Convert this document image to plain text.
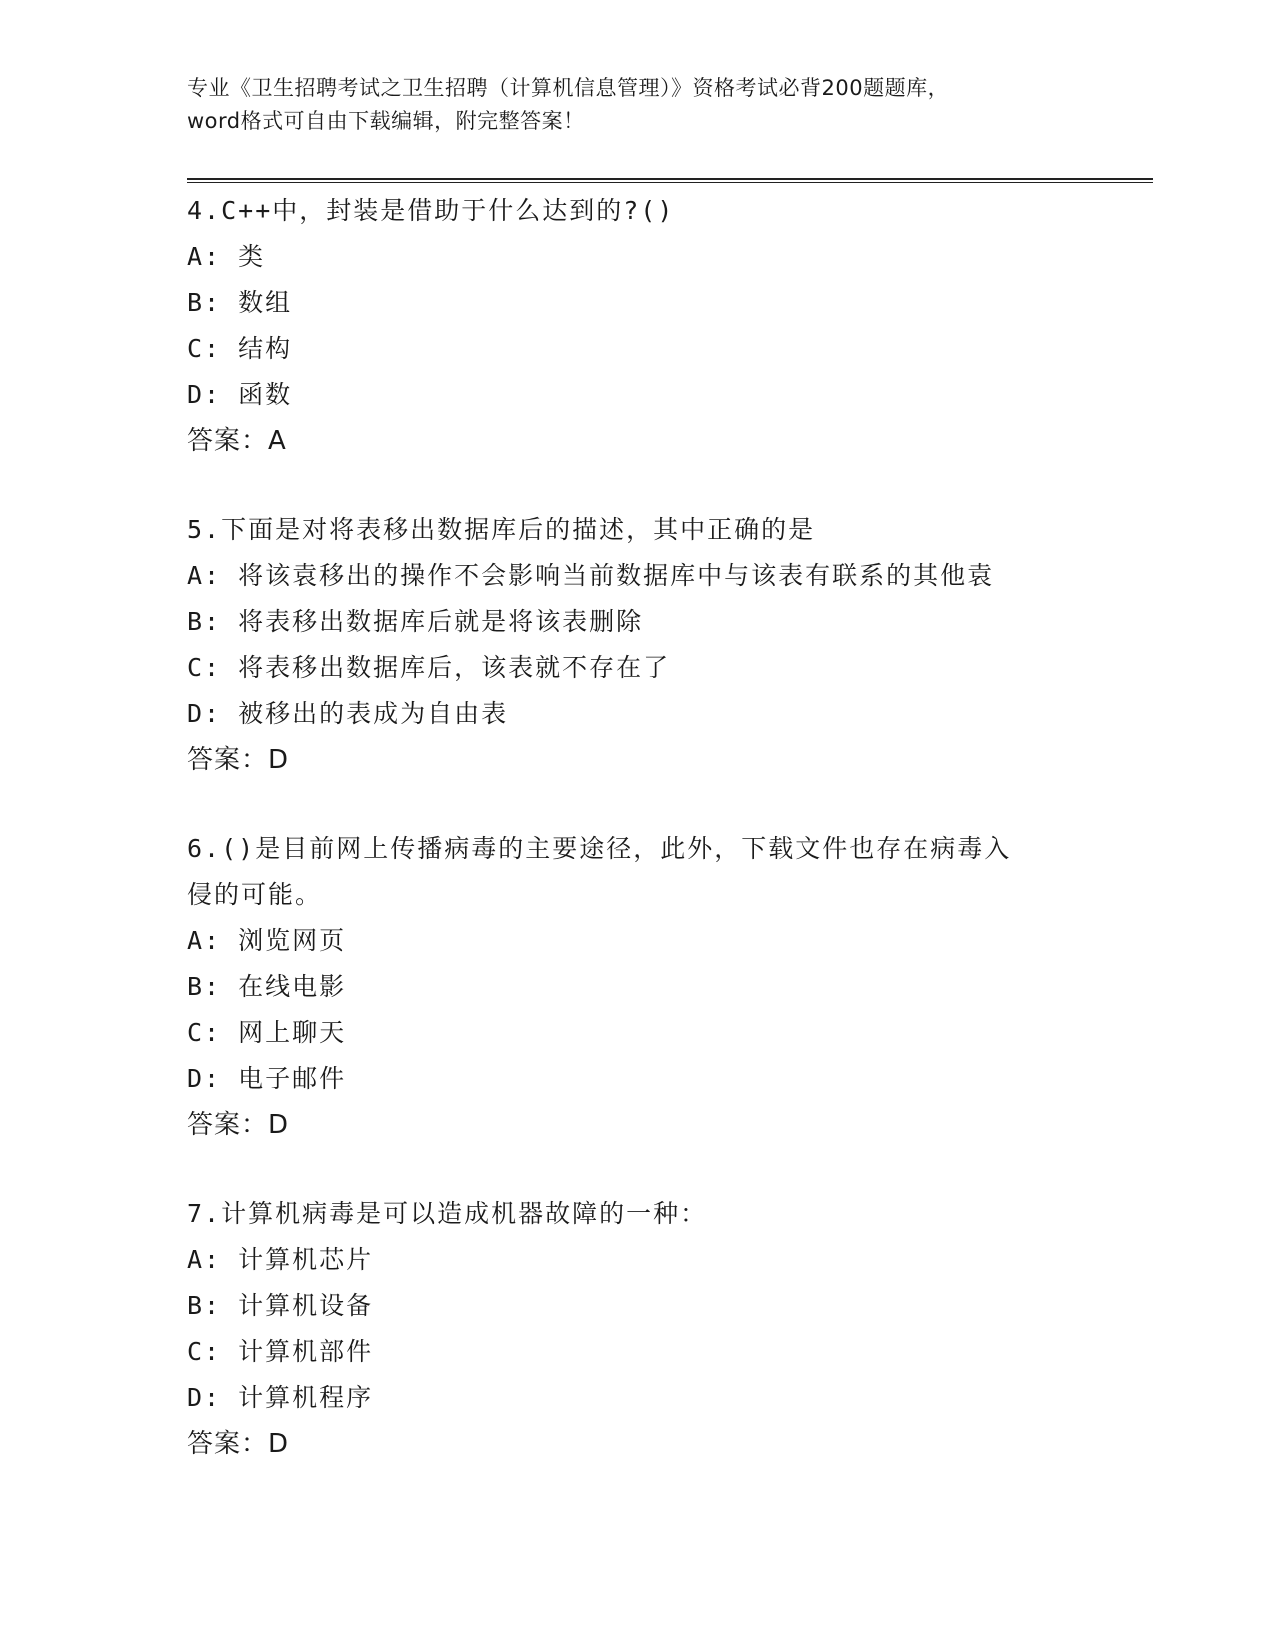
专业《卫生招聘考试之卫生招聘（计算机信息管理）》资格考试必背200题题库，
word格式可自由下载编辑，附完整答案！
4.C++中，封装是借助于什么达到的?()
A: 类
B: 数组
C: 结构
D: 函数
答案：A
5.下面是对将表移出数据库后的描述，其中正确的是
A: 将该袁移出的操作不会影响当前数据库中与该表有联系的其他袁
B: 将表移出数据库后就是将该表删除
C: 将表移出数据库后，该表就不存在了
D: 被移出的表成为自由表
答案：D
6.()是目前网上传播病毒的主要途径，此外，下载文件也存在病毒入侵的可能。
A: 浏览网页
B: 在线电影
C: 网上聊天
D: 电子邮件
答案：D
7.计算机病毒是可以造成机器故障的一种：
A: 计算机芯片
B: 计算机设备
C: 计算机部件
D: 计算机程序
答案：D
